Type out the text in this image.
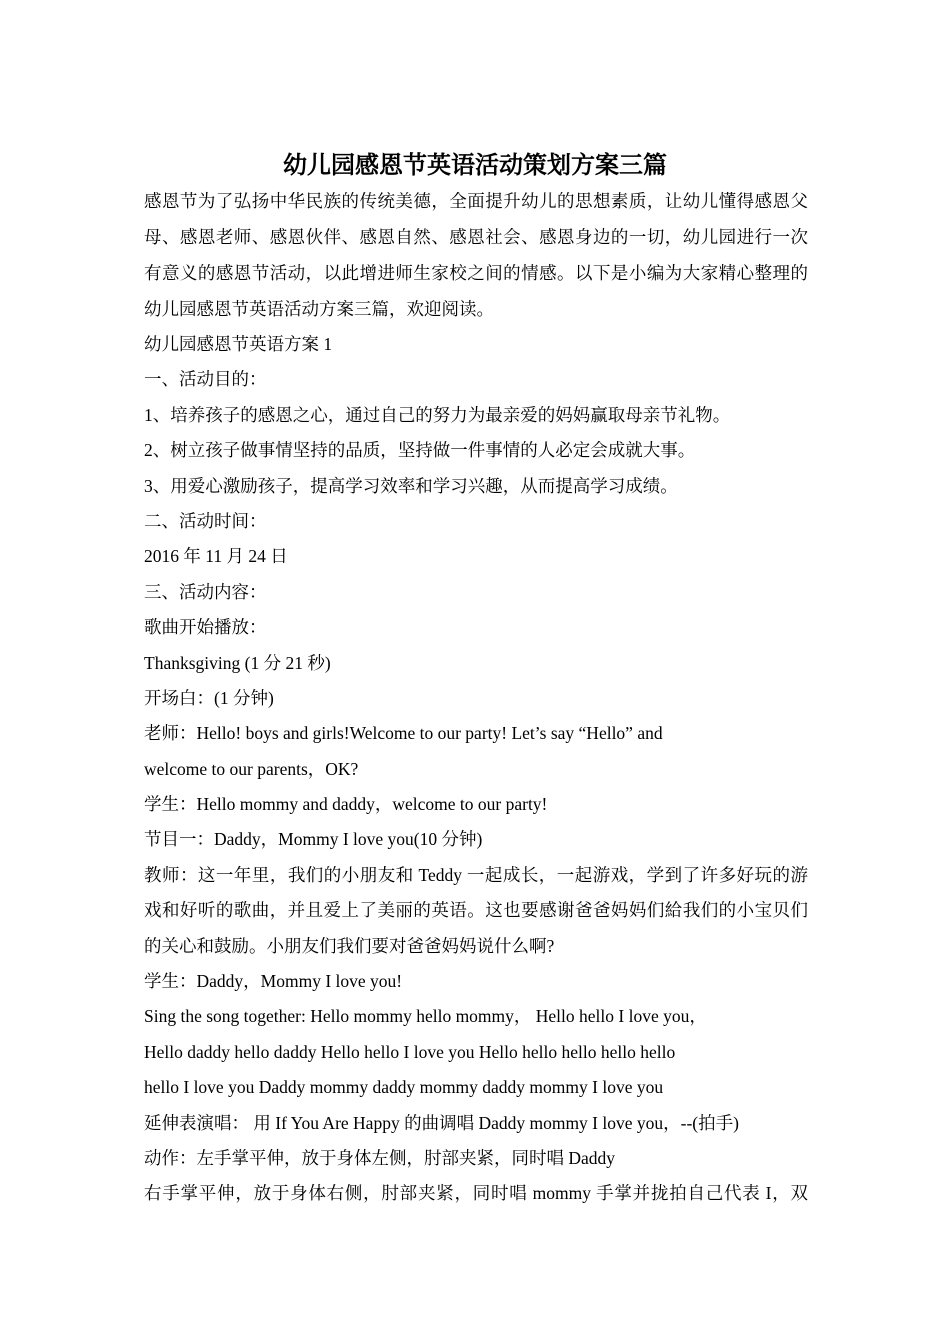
幼儿园感恩节英语活动策划方案三篇

感恩节为了弘扬中华民族的传统美德，全面提升幼儿的思想素质，让幼儿懂得感恩父母、感恩老师、感恩伙伴、感恩自然、感恩社会、感恩身边的一切，幼儿园进行一次有意义的感恩节活动，以此增进师生家校之间的情感。以下是小编为大家精心整理的幼儿园感恩节英语活动方案三篇，欢迎阅读。

幼儿园感恩节英语方案 1

一、活动目的：

1、培养孩子的感恩之心，通过自己的努力为最亲爱的妈妈赢取母亲节礼物。

2、树立孩子做事情坚持的品质，坚持做一件事情的人必定会成就大事。

3、用爱心激励孩子，提高学习效率和学习兴趣，从而提高学习成绩。

二、活动时间：

2016 年 11 月 24 日

三、活动内容：

歌曲开始播放：

Thanksgiving (1 分 21 秒)

开场白：(1 分钟)

老师：Hello! boys and girls!Welcome to our party! Let’s say “Hello” and

welcome to our parents，OK?

学生：Hello mommy and daddy，welcome to our party!

节目一：Daddy，Mommy I love you(10 分钟)

教师：这一年里，我们的小朋友和 Teddy 一起成长，一起游戏，学到了许多好玩的游戏和好听的歌曲，并且爱上了美丽的英语。这也要感谢爸爸妈妈们給我们的小宝贝们的关心和鼓励。小朋友们我们要对爸爸妈妈说什么啊?

学生：Daddy，Mommy I love you!

Sing the song together: Hello mommy hello mommy， Hello hello I love you，

Hello daddy hello daddy Hello hello I love you Hello hello hello hello hello

hello I love you Daddy mommy daddy mommy daddy mommy I love you

延伸表演唱： 用 If You Are Happy 的曲调唱 Daddy mommy I love you，--(拍手)

动作：左手掌平伸，放于身体左侧，肘部夹紧，同时唱 Daddy

右手掌平伸，放于身体右侧，肘部夹紧，同时唱 mommy 手掌并拢拍自己代表 I，双
